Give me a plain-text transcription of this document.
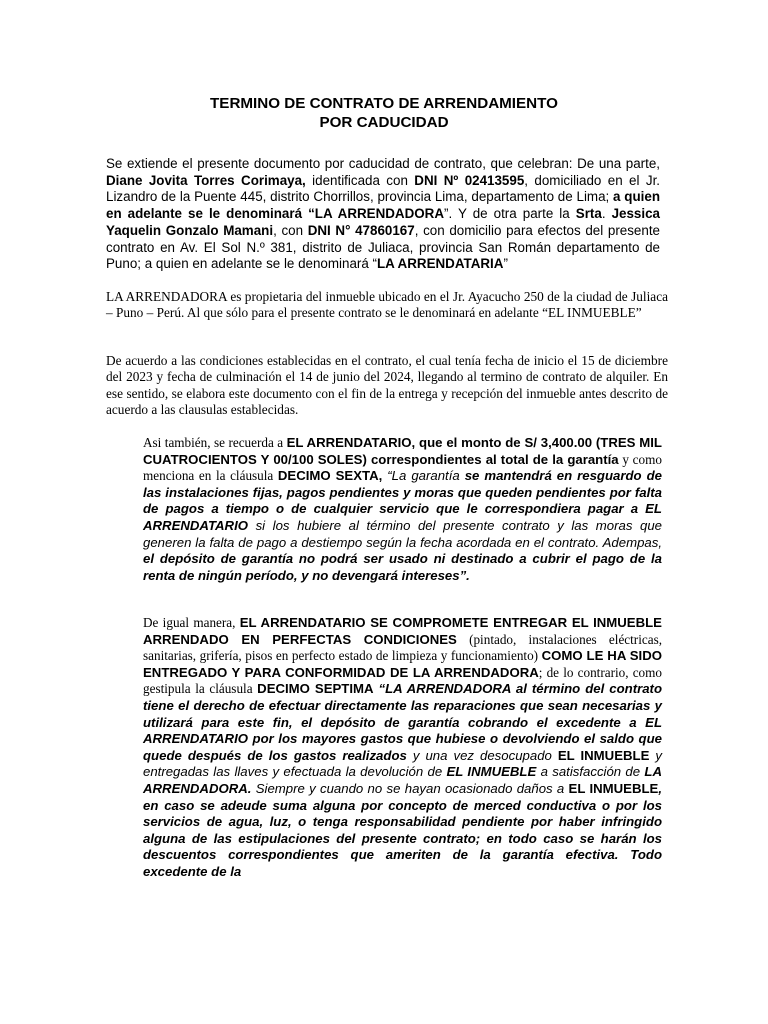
TERMINO DE CONTRATO DE ARRENDAMIENTO
POR CADUCIDAD

Se extiende el presente documento por caducidad de contrato, que celebran: De una parte, Diane Jovita Torres Corimaya, identificada con DNI Nº 02413595, domiciliado en el Jr. Lizandro de la Puente 445, distrito Chorrillos, provincia Lima, departamento de Lima; a quien en adelante se le denominará “LA ARRENDADORA”. Y de otra parte la Srta. Jessica Yaquelin Gonzalo Mamani, con DNI N° 47860167, con domicilio para efectos del presente contrato en Av. El Sol N.º 381, distrito de Juliaca, provincia San Román departamento de Puno; a quien en adelante se le denominará “LA ARRENDATARIA”

LA ARRENDADORA es propietaria del inmueble ubicado en el Jr. Ayacucho 250 de la ciudad de Juliaca – Puno – Perú. Al que sólo para el presente contrato se le denominará en adelante “EL INMUEBLE”

De acuerdo a las condiciones establecidas en el contrato, el cual tenía fecha de inicio el 15 de diciembre del 2023 y fecha de culminación el 14 de junio del 2024, llegando al termino de contrato de alquiler. En ese sentido, se elabora este documento con el fin de la entrega y recepción del inmueble antes descrito de acuerdo a las clausulas establecidas.

Asi también, se recuerda a EL ARRENDATARIO, que el monto de S/ 3,400.00 (TRES MIL CUATROCIENTOS Y 00/100 SOLES) correspondientes al total de la garantía y como menciona en la cláusula DECIMO SEXTA, “La garantía se mantendrá en resguardo de las instalaciones fijas, pagos pendientes y moras que queden pendientes por falta de pagos a tiempo o de cualquier servicio que le correspondiera pagar a EL ARRENDATARIO si los hubiere al término del presente contrato y las moras que generen la falta de pago a destiempo según la fecha acordada en el contrato. Adempas, el depósito de garantía no podrá ser usado ni destinado a cubrir el pago de la renta de ningún período, y no devengará intereses”.

De igual manera, EL ARRENDATARIO SE COMPROMETE ENTREGAR EL INMUEBLE ARRENDADO EN PERFECTAS CONDICIONES (pintado, instalaciones eléctricas, sanitarias, grifería, pisos en perfecto estado de limpieza y funcionamiento) COMO LE HA SIDO ENTREGADO Y PARA CONFORMIDAD DE LA ARRENDADORA; de lo contrario, como gestipula la cláusula DECIMO SEPTIMA “LA ARRENDADORA al término del contrato tiene el derecho de efectuar directamente las reparaciones que sean necesarias y utilizará para este fin, el depósito de garantía cobrando el excedente a EL ARRENDATARIO por los mayores gastos que hubiese o devolviendo el saldo que quede después de los gastos realizados y una vez desocupado EL INMUEBLE y entregadas las llaves y efectuada la devolución de EL INMUEBLE a satisfacción de LA ARRENDADORA. Siempre y cuando no se hayan ocasionado daños a EL INMUEBLE, en caso se adeude suma alguna por concepto de merced conductiva o por los servicios de agua, luz, o tenga responsabilidad pendiente por haber infringido alguna de las estipulaciones del presente contrato; en todo caso se harán los descuentos correspondientes que ameriten de la garantía efectiva. Todo excedente de la
